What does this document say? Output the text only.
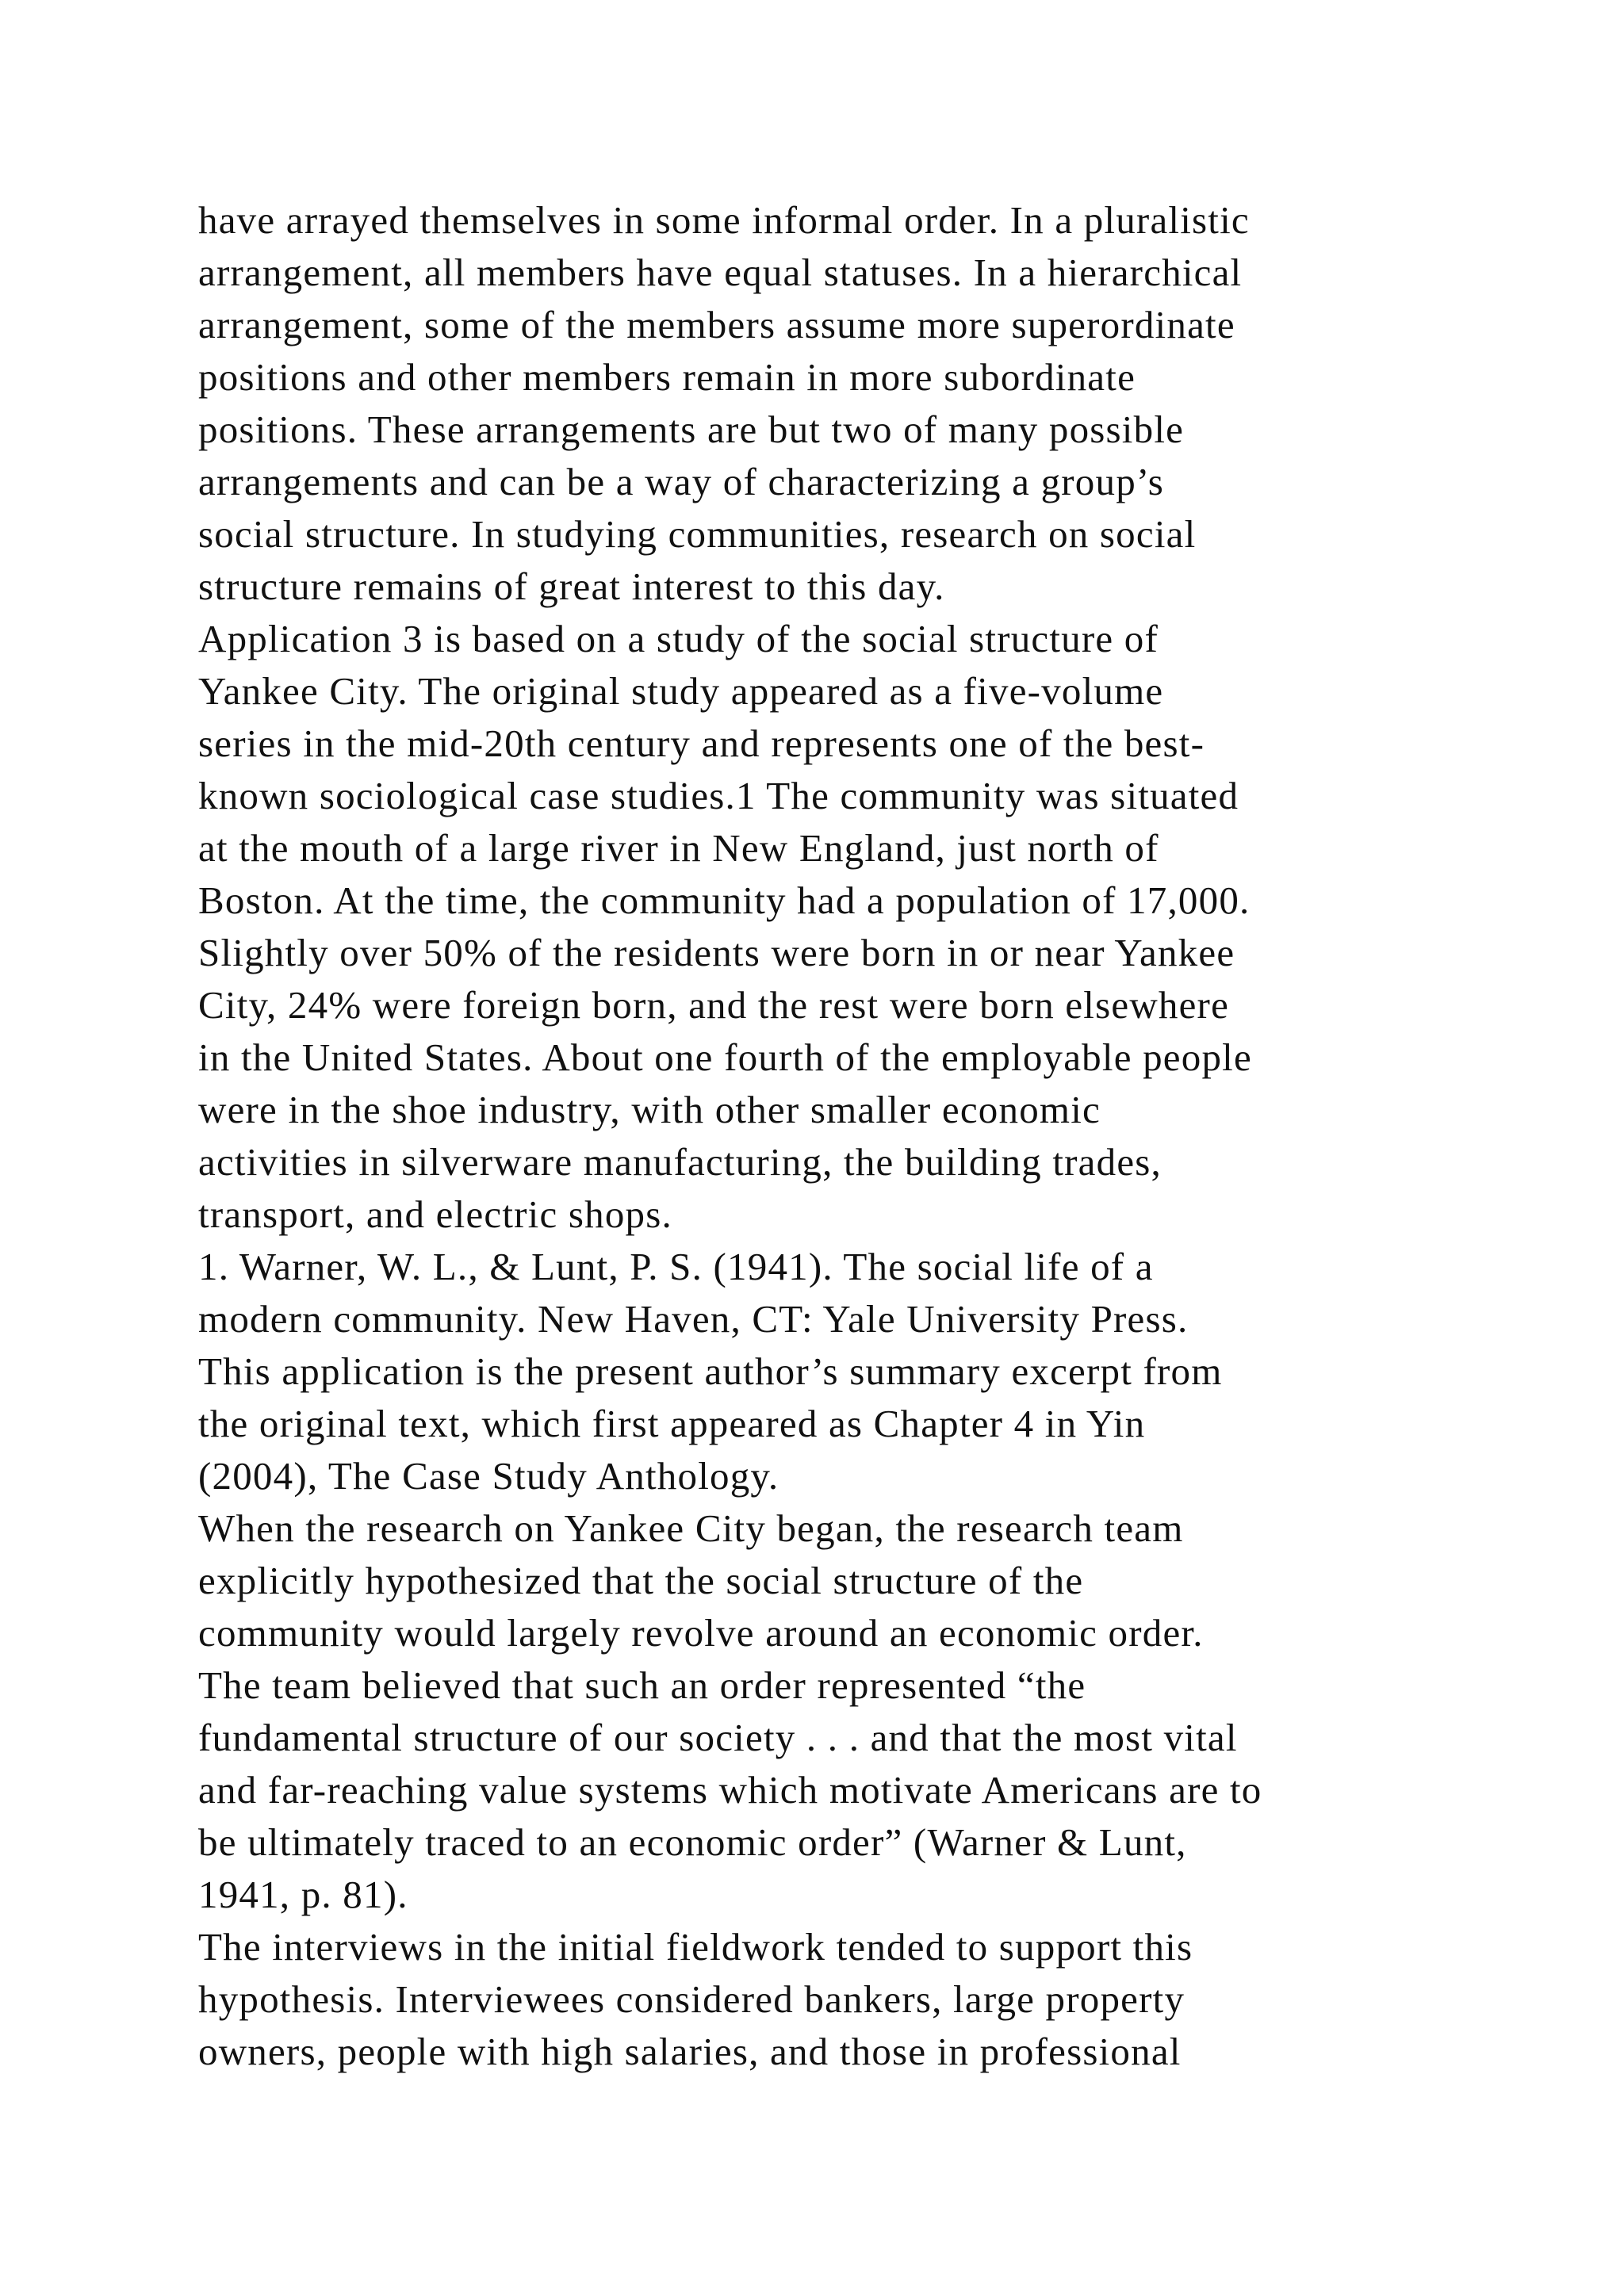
have arrayed themselves in some informal order. In a pluralistic
arrangement, all members have equal statuses. In a hierarchical
arrangement, some of the members assume more superordinate
positions and other members remain in more subordinate
positions. These arrangements are but two of many possible
arrangements and can be a way of characterizing a group’s
social structure. In studying communities, research on social
structure remains of great interest to this day.
Application 3 is based on a study of the social structure of
Yankee City. The original study appeared as a five-volume
series in the mid-20th century and represents one of the best-
known sociological case studies.1 The community was situated
at the mouth of a large river in New England, just north of
Boston. At the time, the community had a population of 17,000.
Slightly over 50% of the residents were born in or near Yankee
City, 24% were foreign born, and the rest were born elsewhere
in the United States. About one fourth of the employable people
were in the shoe industry, with other smaller economic
activities in silverware manufacturing, the building trades,
transport, and electric shops.
1. Warner, W. L., & Lunt, P. S. (1941). The social life of a
modern community. New Haven, CT: Yale University Press.
This application is the present author’s summary excerpt from
the original text, which first appeared as Chapter 4 in Yin
(2004), The Case Study Anthology.
When the research on Yankee City began, the research team
explicitly hypothesized that the social structure of the
community would largely revolve around an economic order.
The team believed that such an order represented “the
fundamental structure of our society . . . and that the most vital
and far-reaching value systems which motivate Americans are to
be ultimately traced to an economic order” (Warner & Lunt,
1941, p. 81).
The interviews in the initial fieldwork tended to support this
hypothesis. Interviewees considered bankers, large property
owners, people with high salaries, and those in professional
